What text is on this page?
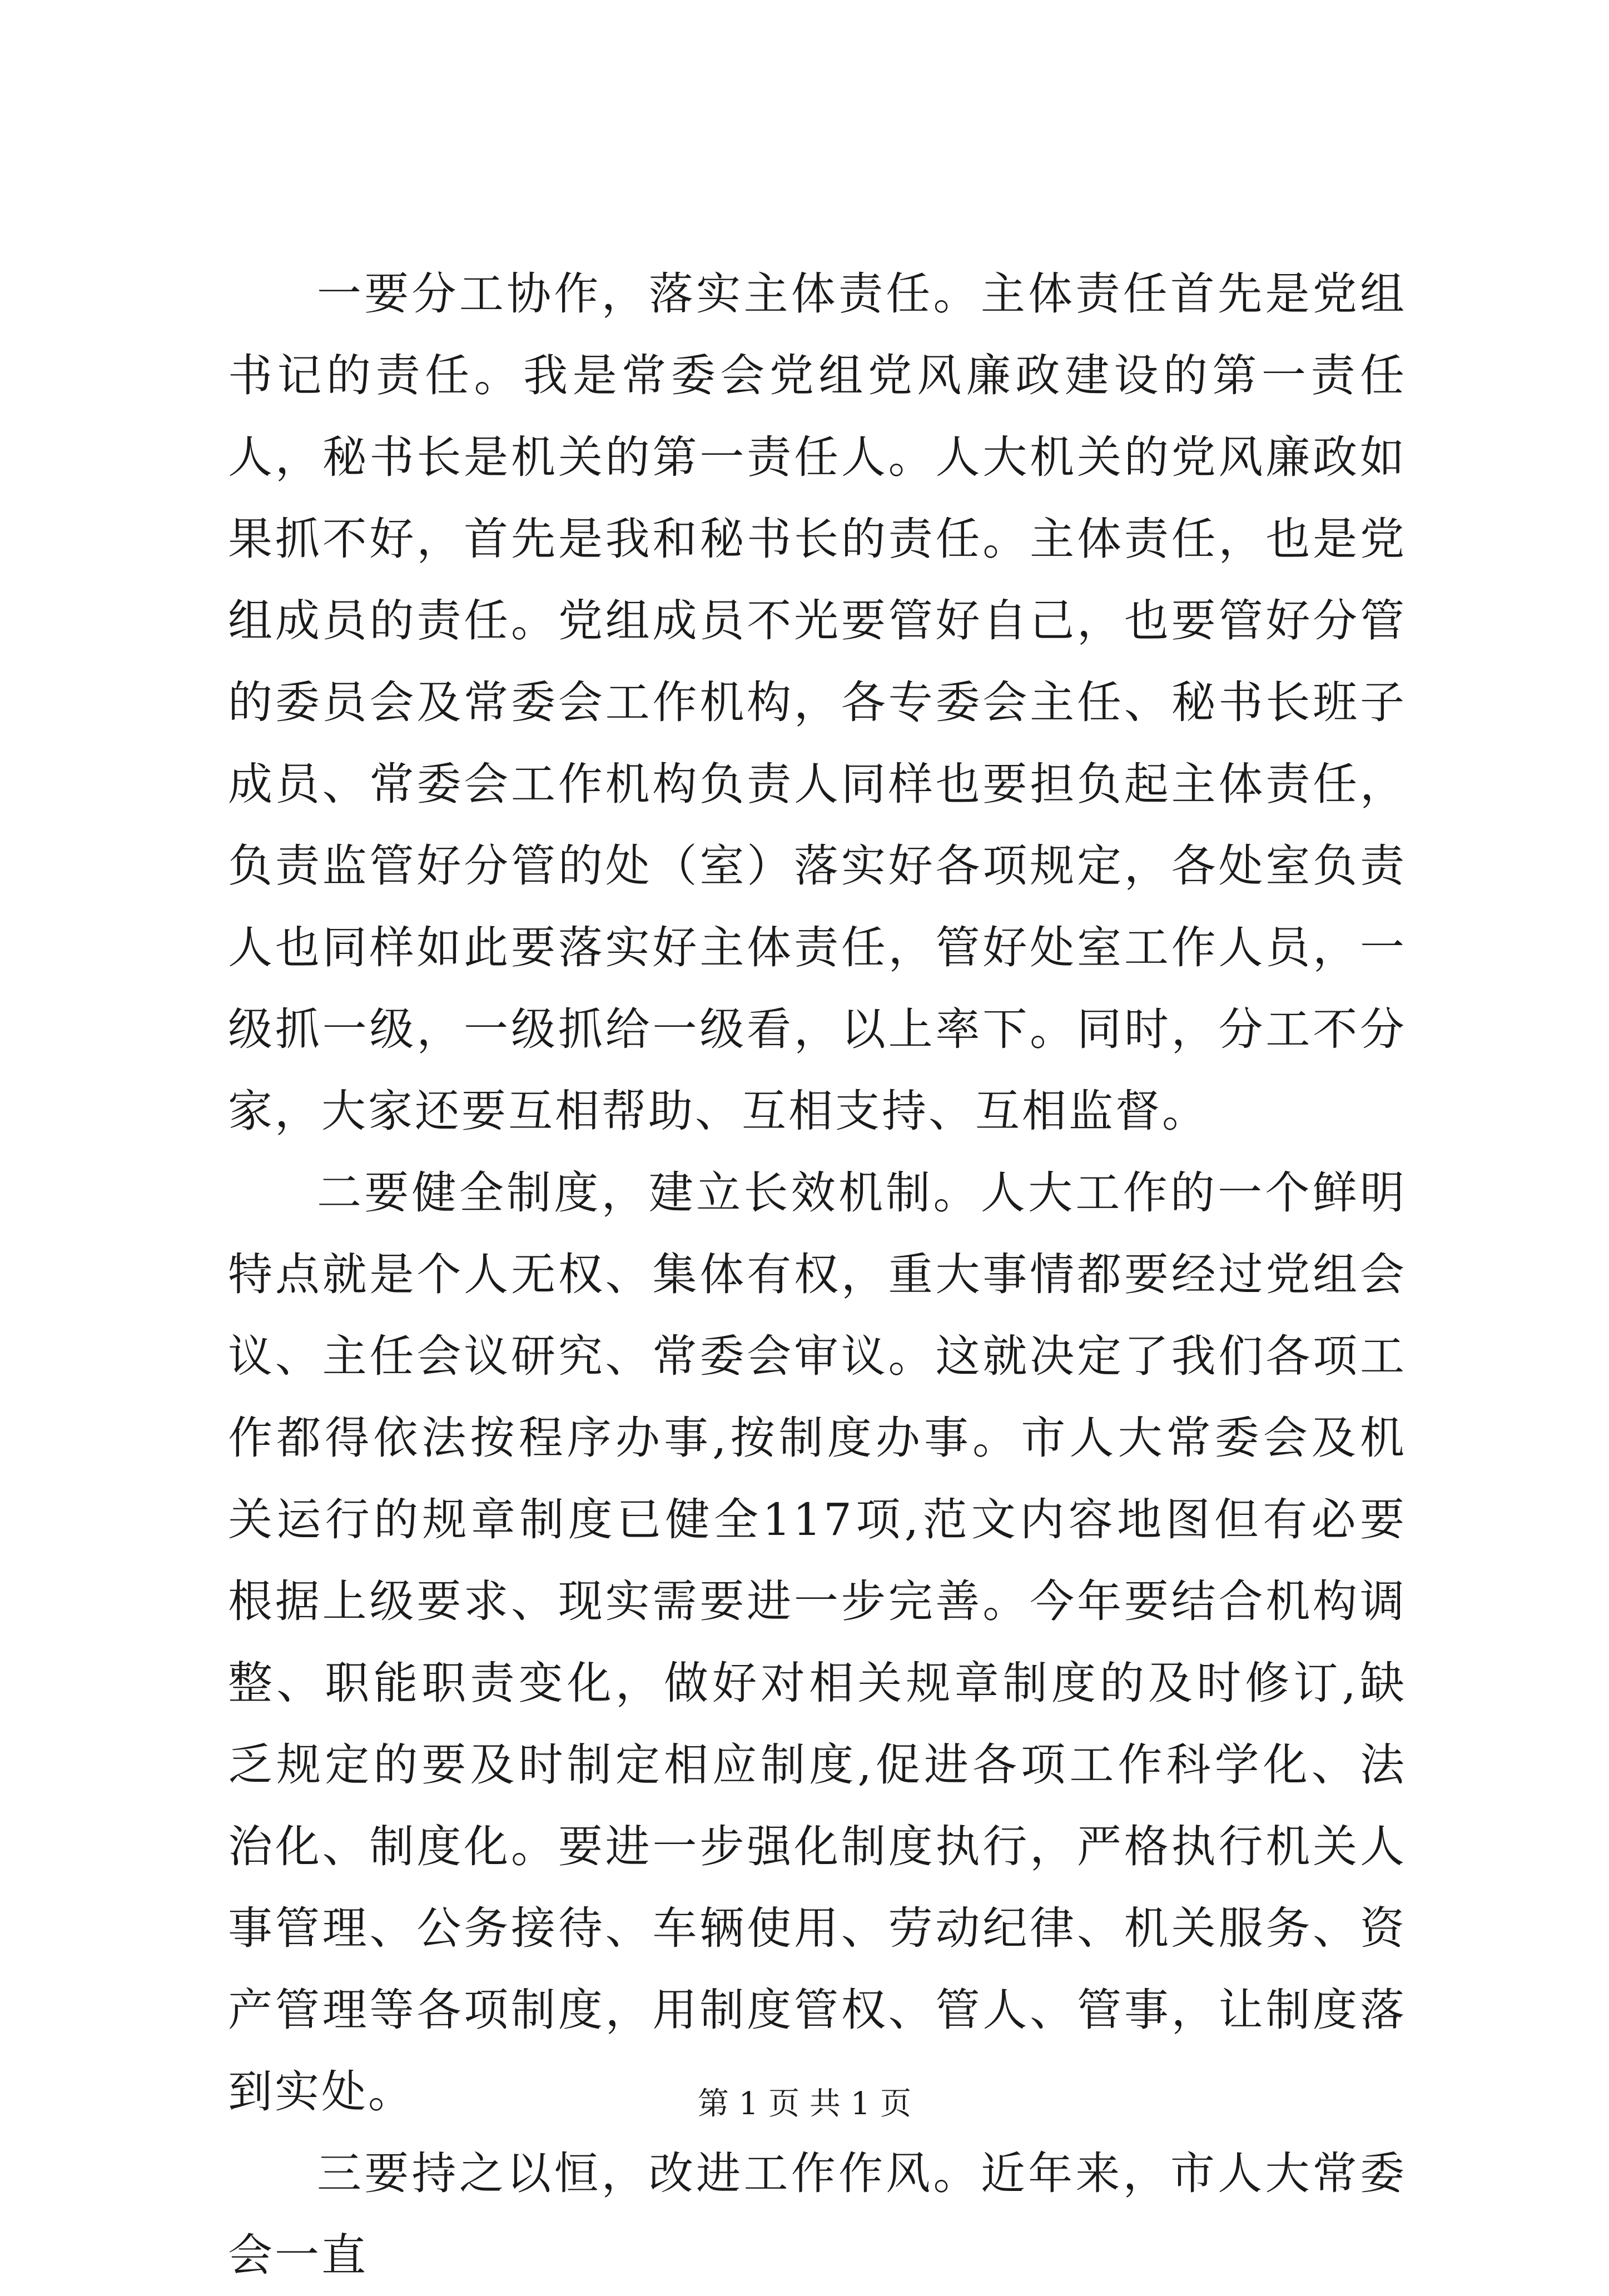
一要分工协作，落实主体责任。主体责任首先是党组书记的责任。我是常委会党组党风廉政建设的第一责任人，秘书长是机关的第一责任人。人大机关的党风廉政如果抓不好，首先是我和秘书长的责任。主体责任，也是党组成员的责任。党组成员不光要管好自己，也要管好分管的委员会及常委会工作机构，各专委会主任、秘书长班子成员、常委会工作机构负责人同样也要担负起主体责任，负责监管好分管的处（室）落实好各项规定，各处室负责人也同样如此要落实好主体责任，管好处室工作人员，一级抓一级，一级抓给一级看，以上率下。同时，分工不分家，大家还要互相帮助、互相支持、互相监督。

二要健全制度，建立长效机制。人大工作的一个鲜明特点就是个人无权、集体有权，重大事情都要经过党组会议、主任会议研究、常委会审议。这就决定了我们各项工作都得依法按程序办事,按制度办事。市人大常委会及机关运行的规章制度已健全117项,范文内容地图但有必要根据上级要求、现实需要进一步完善。今年要结合机构调整、职能职责变化，做好对相关规章制度的及时修订,缺乏规定的要及时制定相应制度,促进各项工作科学化、法治化、制度化。要进一步强化制度执行，严格执行机关人事管理、公务接待、车辆使用、劳动纪律、机关服务、资产管理等各项制度，用制度管权、管人、管事，让制度落到实处。

三要持之以恒，改进工作作风。近年来，市人大常委会一直

第 1 页 共 1 页
